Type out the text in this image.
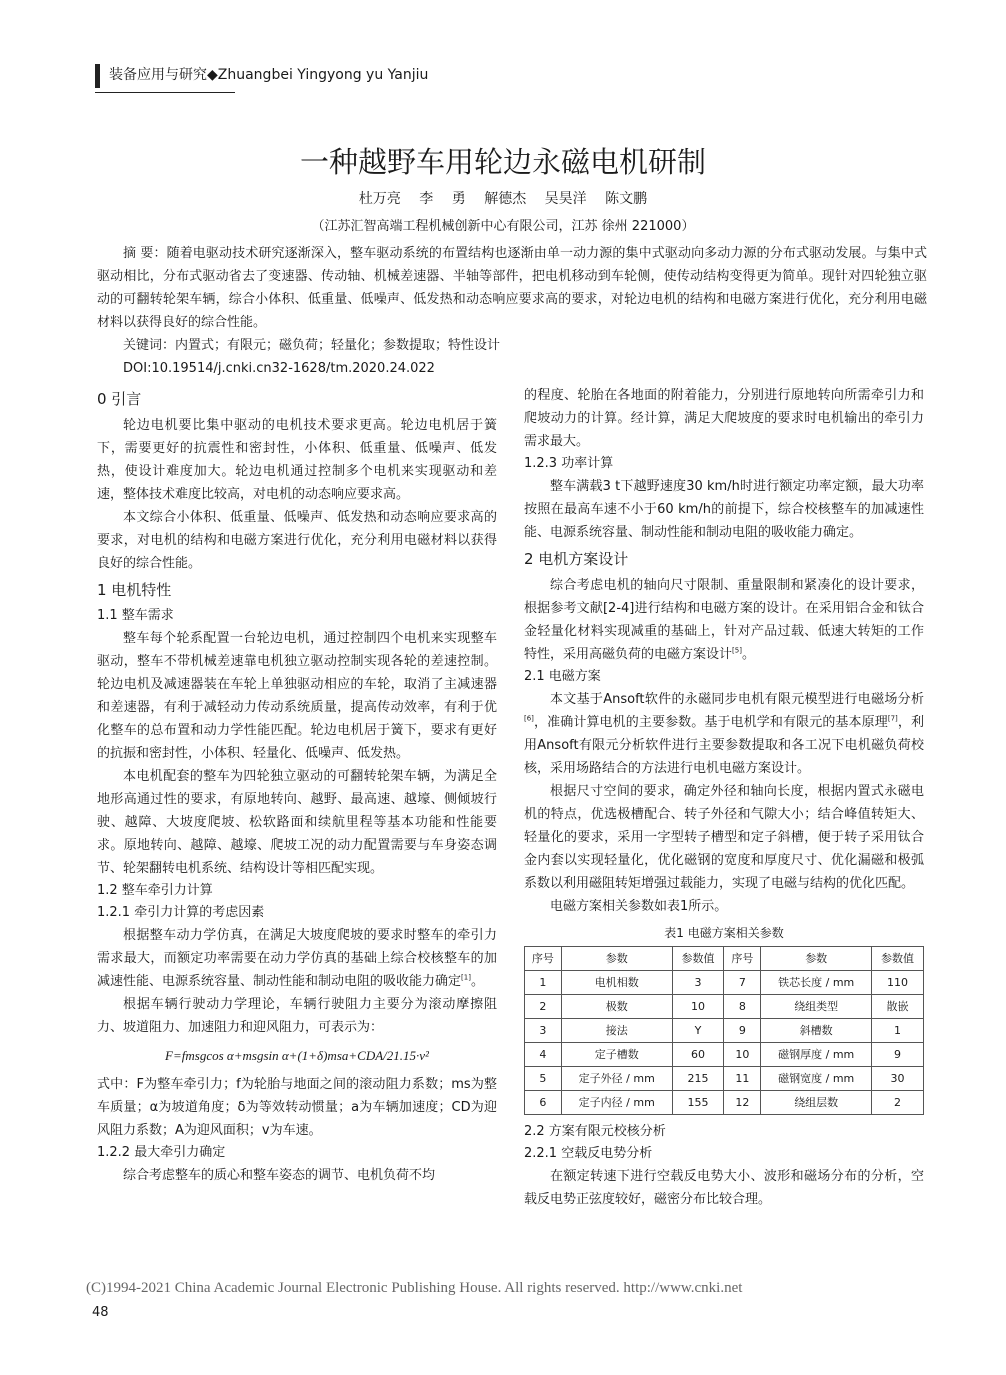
装备应用与研究◆Zhuangbei Yingyong yu Yanjiu
一种越野车用轮边永磁电机研制
杜万亮 李 勇 解德杰 吴昊洋 陈文鹏
（江苏汇智高端工程机械创新中心有限公司，江苏 徐州 221000）

摘 要：随着电驱动技术研究逐渐深入，整车驱动系统的布置结构也逐渐由单一动力源的集中式驱动向多动力源的分布式驱动发展。与集中式驱动相比，分布式驱动省去了变速器、传动轴、机械差速器、半轴等部件，把电机移动到车轮侧，使传动结构变得更为简单。现针对四轮独立驱动的可翻转轮架车辆，综合小体积、低重量、低噪声、低发热和动态响应要求高的要求，对轮边电机的结构和电磁方案进行优化，充分利用电磁材料以获得良好的综合性能。

关键词：内置式；有限元；磁负荷；轻量化；参数提取；特性设计

DOI:10.19514/j.cnki.cn32-1628/tm.2020.24.022

0 引言

轮边电机要比集中驱动的电机技术要求更高。轮边电机居于簧下，需要更好的抗震性和密封性，小体积、低重量、低噪声、低发热，使设计难度加大。轮边电机通过控制多个电机来实现驱动和差速，整体技术难度比较高，对电机的动态响应要求高。

本文综合小体积、低重量、低噪声、低发热和动态响应要求高的要求，对电机的结构和电磁方案进行优化，充分利用电磁材料以获得良好的综合性能。

1 电机特性
1.1 整车需求

整车每个轮系配置一台轮边电机，通过控制四个电机来实现整车驱动，整车不带机械差速靠电机独立驱动控制实现各轮的差速控制。轮边电机及减速器装在车轮上单独驱动相应的车轮，取消了主减速器和差速器，有利于减轻动力传动系统质量，提高传动效率，有利于优化整车的总布置和动力学性能匹配。轮边电机居于簧下，要求有更好的抗振和密封性，小体积、轻量化、低噪声、低发热。

本电机配套的整车为四轮独立驱动的可翻转轮架车辆，为满足全地形高通过性的要求，有原地转向、越野、最高速、越壕、侧倾坡行驶、越障、大坡度爬坡、松软路面和续航里程等基本功能和性能要求。原地转向、越障、越壕、爬坡工况的动力配置需要与车身姿态调节、轮架翻转电机系统、结构设计等相匹配实现。

1.2 整车牵引力计算
1.2.1 牵引力计算的考虑因素

根据整车动力学仿真，在满足大坡度爬坡的要求时整车的牵引力需求最大，而额定功率需要在动力学仿真的基础上综合校核整车的加减速性能、电源系统容量、制动性能和制动电阻的吸收能力确定[1]。

根据车辆行驶动力学理论，车辆行驶阻力主要分为滚动摩擦阻力、坡道阻力、加速阻力和迎风阻力，可表示为：

F=fmsgcos α+msgsin α+(1+δ)msa+CDA/21.15·v²

式中：F为整车牵引力；f为轮胎与地面之间的滚动阻力系数；ms为整车质量；α为坡道角度；δ为等效转动惯量；a为车辆加速度；CD为迎风阻力系数；A为迎风面积；v为车速。

1.2.2 最大牵引力确定

综合考虑整车的质心和整车姿态的调节、电机负荷不均

的程度、轮胎在各地面的附着能力，分别进行原地转向所需牵引力和爬坡动力的计算。经计算，满足大爬坡度的要求时电机输出的牵引力需求最大。

1.2.3 功率计算

整车满载3 t下越野速度30 km/h时进行额定功率定额，最大功率按照在最高车速不小于60 km/h的前提下，综合校核整车的加减速性能、电源系统容量、制动性能和制动电阻的吸收能力确定。

2 电机方案设计

综合考虑电机的轴向尺寸限制、重量限制和紧凑化的设计要求，根据参考文献[2-4]进行结构和电磁方案的设计。在采用铝合金和钛合金轻量化材料实现减重的基础上，针对产品过载、低速大转矩的工作特性，采用高磁负荷的电磁方案设计[5]。

2.1 电磁方案

本文基于Ansoft软件的永磁同步电机有限元模型进行电磁场分析[6]，准确计算电机的主要参数。基于电机学和有限元的基本原理[7]，利用Ansoft有限元分析软件进行主要参数提取和各工况下电机磁负荷校核，采用场路结合的方法进行电机电磁方案设计。

根据尺寸空间的要求，确定外径和轴向长度，根据内置式永磁电机的特点，优选极槽配合、转子外径和气隙大小；结合峰值转矩大、轻量化的要求，采用一字型转子槽型和定子斜槽，便于转子采用钛合金内套以实现轻量化，优化磁钢的宽度和厚度尺寸、优化漏磁和极弧系数以利用磁阻转矩增强过载能力，实现了电磁与结构的优化匹配。

电磁方案相关参数如表1所示。

表1 电磁方案相关参数
序号	参数	参数值	序号	参数	参数值
1	电机相数	3	7	铁芯长度 / mm	110
2	极数	10	8	绕组类型	散嵌
3	接法	Y	9	斜槽数	1
4	定子槽数	60	10	磁钢厚度 / mm	9
5	定子外径 / mm	215	11	磁钢宽度 / mm	30
6	定子内径 / mm	155	12	绕组层数	2
2.2 方案有限元校核分析
2.2.1 空载反电势分析

在额定转速下进行空载反电势大小、波形和磁场分布的分析，空载反电势正弦度较好，磁密分布比较合理。

(C)1994-2021 China Academic Journal Electronic Publishing House. All rights reserved. http://www.cnki.net
48
